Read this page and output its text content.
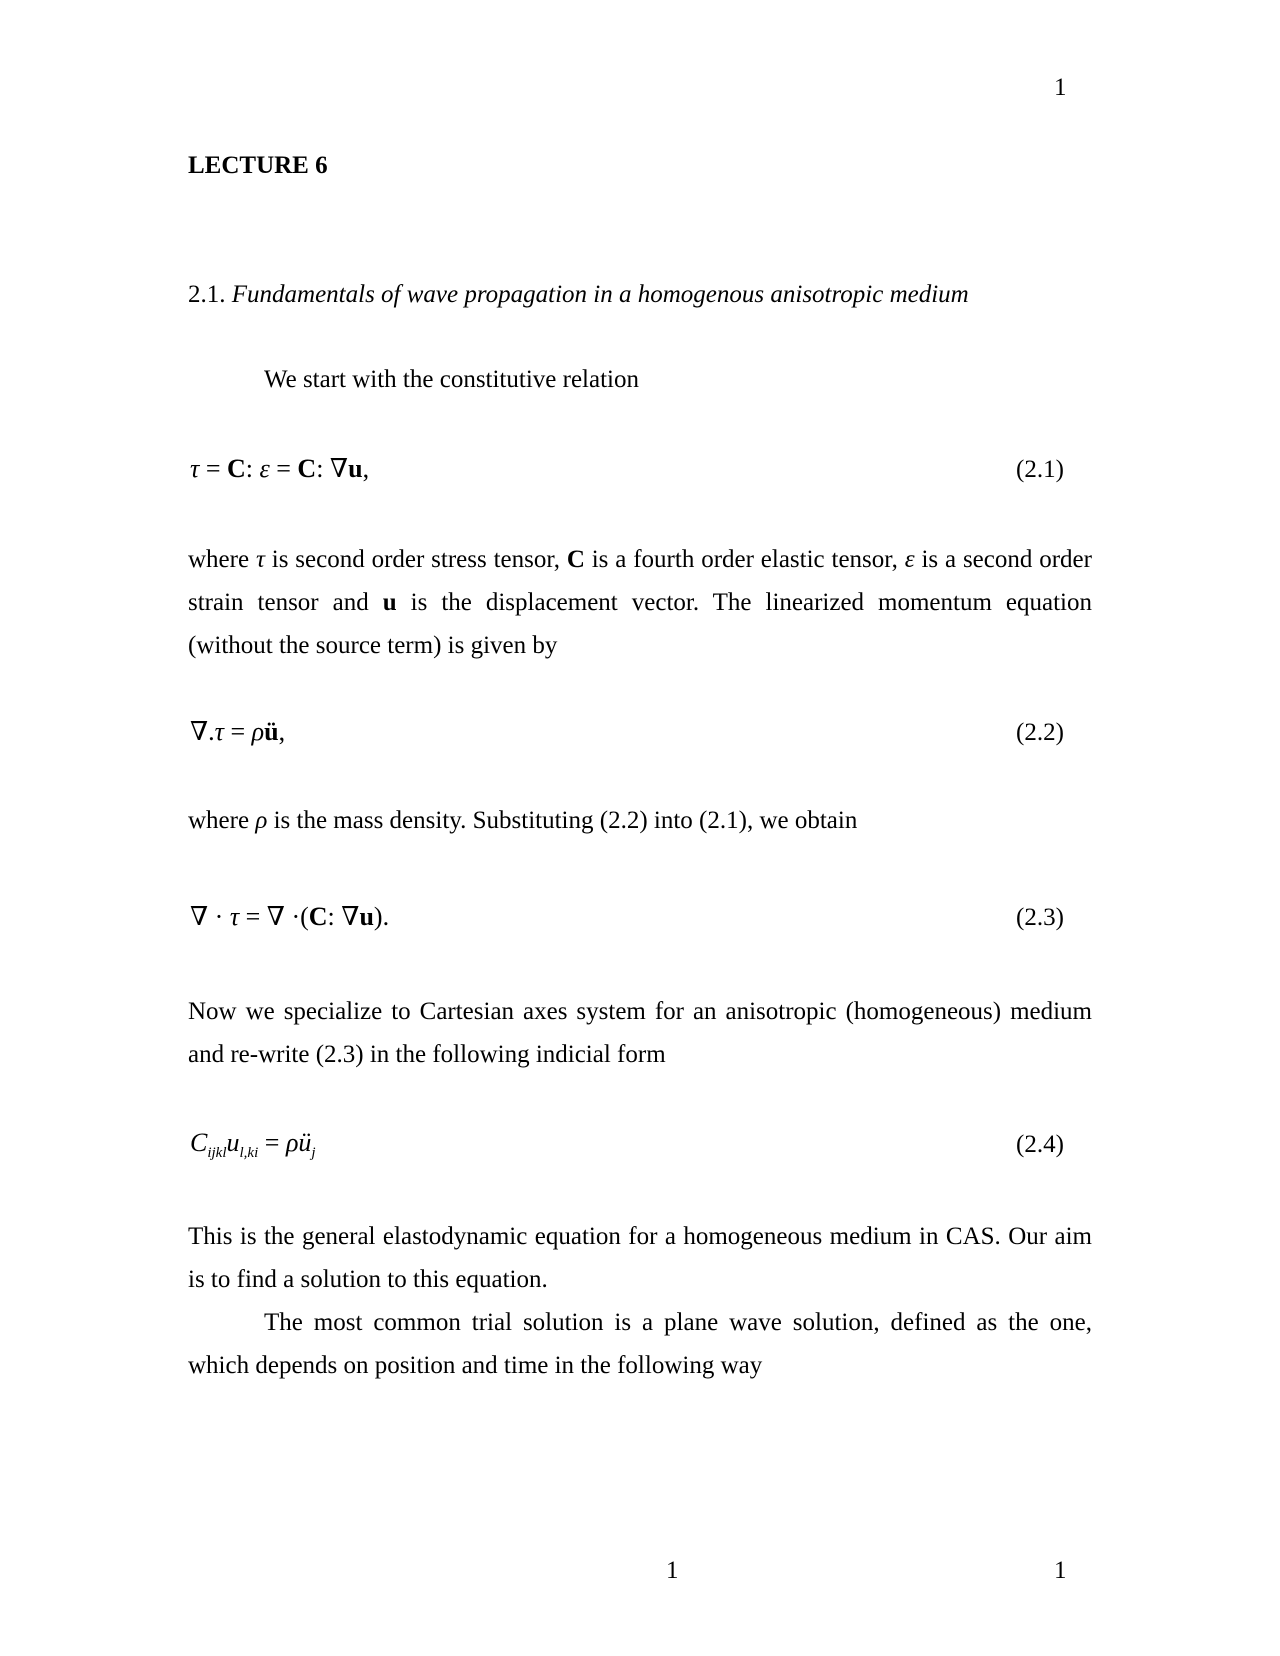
1
LECTURE 6
2.1. Fundamentals of wave propagation in a homogenous anisotropic medium
We start with the constitutive relation
τ = C: ε = C: ∇u,	(2.1)
where τ is second order stress tensor, C is a fourth order elastic tensor, ε is a second order strain tensor and u is the displacement vector. The linearized momentum equation (without the source term) is given by
∇.τ = ρü,	(2.2)
where ρ is the mass density. Substituting (2.2) into (2.1), we obtain
∇ · τ = ∇ ·(C: ∇u).	(2.3)
Now we specialize to Cartesian axes system for an anisotropic (homogeneous) medium and re-write (2.3) in the following indicial form
$C_{ijkl}u_{l,ki}$ = $\rho ü_j$	(2.4)
This is the general elastodynamic equation for a homogeneous medium in CAS. Our aim is to find a solution to this equation.
The most common trial solution is a plane wave solution, defined as the one, which depends on position and time in the following way
1	1
